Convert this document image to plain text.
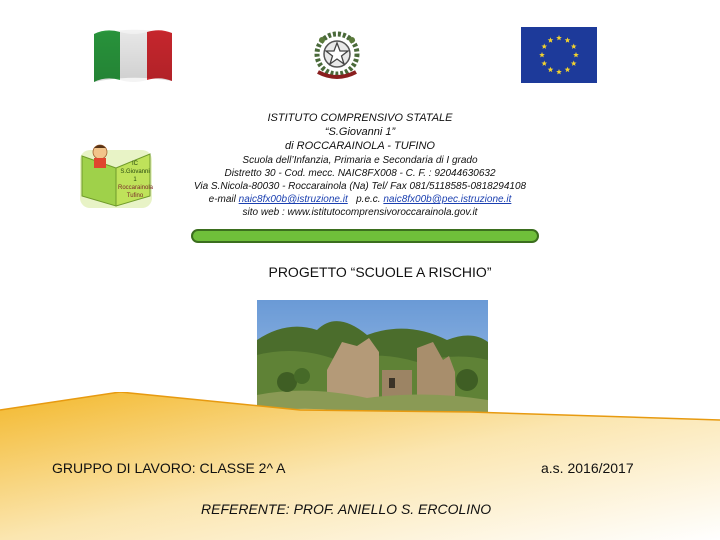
IC S.Giovanni 1
Roccarainola
Tufino
ISTITUTO COMPRENSIVO STATALE
“S.Giovanni 1”
di ROCCARAINOLA - TUFINO
Scuola dell’Infanzia, Primaria e Secondaria di I grado
Distretto 30 - Cod. mecc. NAIC8FX008 - C. F. : 92044630632
Via S.Nicola-80030 - Roccarainola (Na) Tel/ Fax 081/5118585-0818294108
e-mail naic8fx00b@istruzione.it p.e.c. naic8fx00b@pec.istruzione.it
sito web : www.istitutocomprensivoroccarainola.gov.it
PROGETTO “SCUOLE A RISCHIO”
GRUPPO DI LAVORO: CLASSE 2^ A	a.s. 2016/2017
REFERENTE: PROF. ANIELLO S. ERCOLINO
